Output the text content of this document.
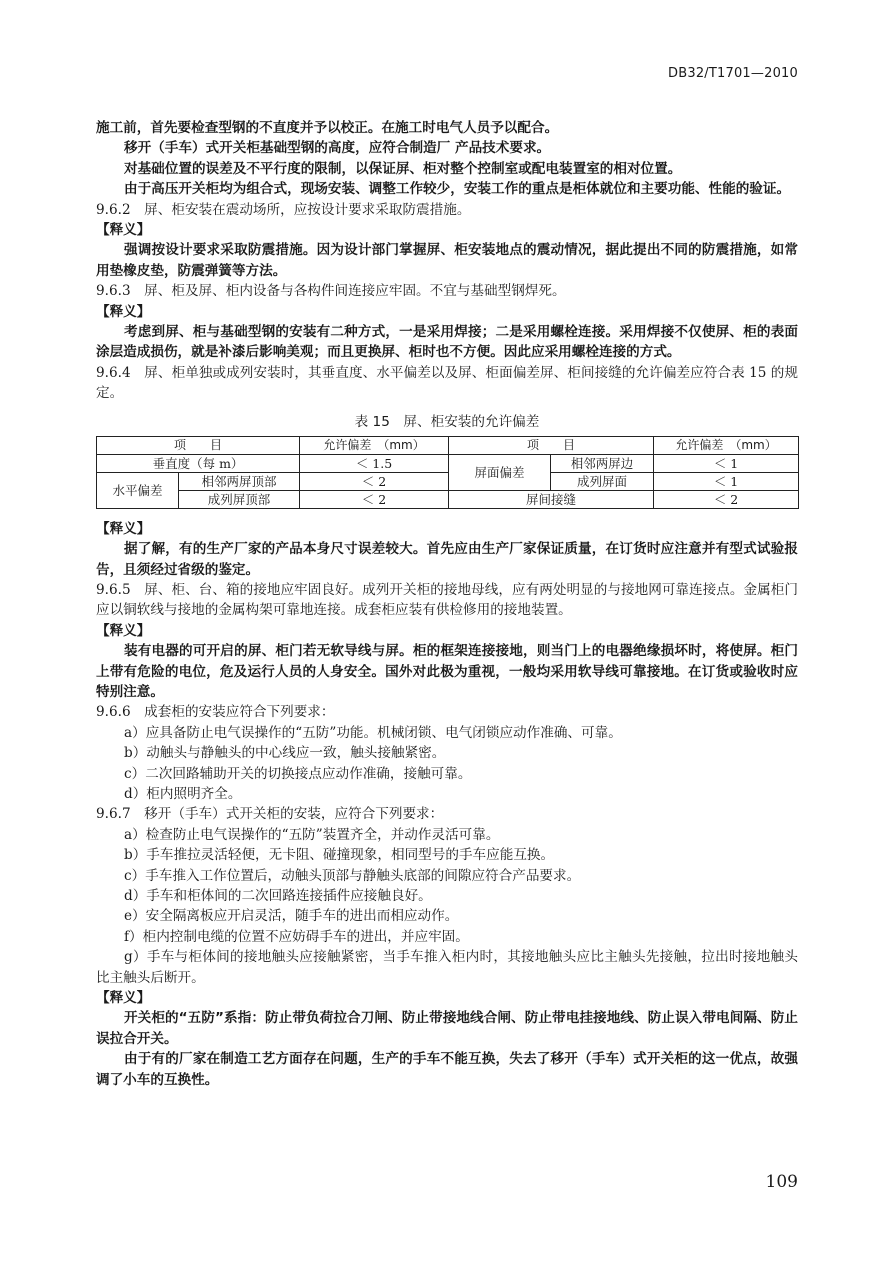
DB32/T1701—2010

施工前，首先要检查型钢的不直度并予以校正。在施工时电气人员予以配合。

移开（手车）式开关柜基础型钢的高度，应符合制造厂 产品技术要求。

对基础位置的误差及不平行度的限制，以保证屏、柜对整个控制室或配电装置室的相对位置。

由于高压开关柜均为组合式，现场安装、调整工作较少，安装工作的重点是柜体就位和主要功能、性能的验证。

9.6.2　屏、柜安装在震动场所，应按设计要求采取防震措施。

【释义】

强调按设计要求采取防震措施。因为设计部门掌握屏、柜安装地点的震动情况，据此提出不同的防震措施，如常用垫橡皮垫，防震弹簧等方法。

9.6.3　屏、柜及屏、柜内设备与各构件间连接应牢固。不宜与基础型钢焊死。

【释义】

考虑到屏、柜与基础型钢的安装有二种方式，一是采用焊接；二是采用螺栓连接。采用焊接不仅使屏、柜的表面涂层造成损伤，就是补漆后影响美观；而且更换屏、柜时也不方便。因此应采用螺栓连接的方式。

9.6.4　屏、柜单独或成列安装时，其垂直度、水平偏差以及屏、柜面偏差屏、柜间接缝的允许偏差应符合表 15 的规定。

表 15　屏、柜安装的允许偏差
项　　目		允许偏差　（mm）	项　　目		允许偏差　（mm）
垂直度（每 m）		＜ 1.5	屏面偏差	相邻两屏边	＜ 1
水平偏差	相邻两屏顶部	＜ 2		成列屏面	＜ 1
	成列屏顶部	＜ 2	屏间接缝		＜ 2

【释义】

据了解，有的生产厂家的产品本身尺寸误差较大。首先应由生产厂家保证质量，在订货时应注意并有型式试验报告，且须经过省级的鉴定。

9.6.5　屏、柜、台、箱的接地应牢固良好。成列开关柜的接地母线，应有两处明显的与接地网可靠连接点。金属柜门应以铜软线与接地的金属构架可靠地连接。成套柜应装有供检修用的接地装置。

【释义】

装有电器的可开启的屏、柜门若无软导线与屏。柜的框架连接接地，则当门上的电器绝缘损坏时，将使屏。柜门上带有危险的电位，危及运行人员的人身安全。国外对此极为重视，一般均采用软导线可靠接地。在订货或验收时应特别注意。

9.6.6　成套柜的安装应符合下列要求：

a）应具备防止电气误操作的“五防”功能。机械闭锁、电气闭锁应动作准确、可靠。

b）动触头与静触头的中心线应一致，触头接触紧密。

c）二次回路辅助开关的切换接点应动作准确，接触可靠。

d）柜内照明齐全。

9.6.7　移开（手车）式开关柜的安装，应符合下列要求：

a）检查防止电气误操作的“五防”装置齐全，并动作灵活可靠。

b）手车推拉灵活轻便，无卡阻、碰撞现象，相同型号的手车应能互换。

c）手车推入工作位置后，动触头顶部与静触头底部的间隙应符合产品要求。

d）手车和柜体间的二次回路连接插件应接触良好。

e）安全隔离板应开启灵活，随手车的进出而相应动作。

f）柜内控制电缆的位置不应妨碍手车的进出，并应牢固。

g）手车与柜体间的接地触头应接触紧密，当手车推入柜内时，其接地触头应比主触头先接触，拉出时接地触头比主触头后断开。

【释义】

开关柜的“五防”系指：防止带负荷拉合刀闸、防止带接地线合闸、防止带电挂接地线、防止误入带电间隔、防止误拉合开关。

由于有的厂家在制造工艺方面存在问题，生产的手车不能互换，失去了移开（手车）式开关柜的这一优点，故强调了小车的互换性。

109
